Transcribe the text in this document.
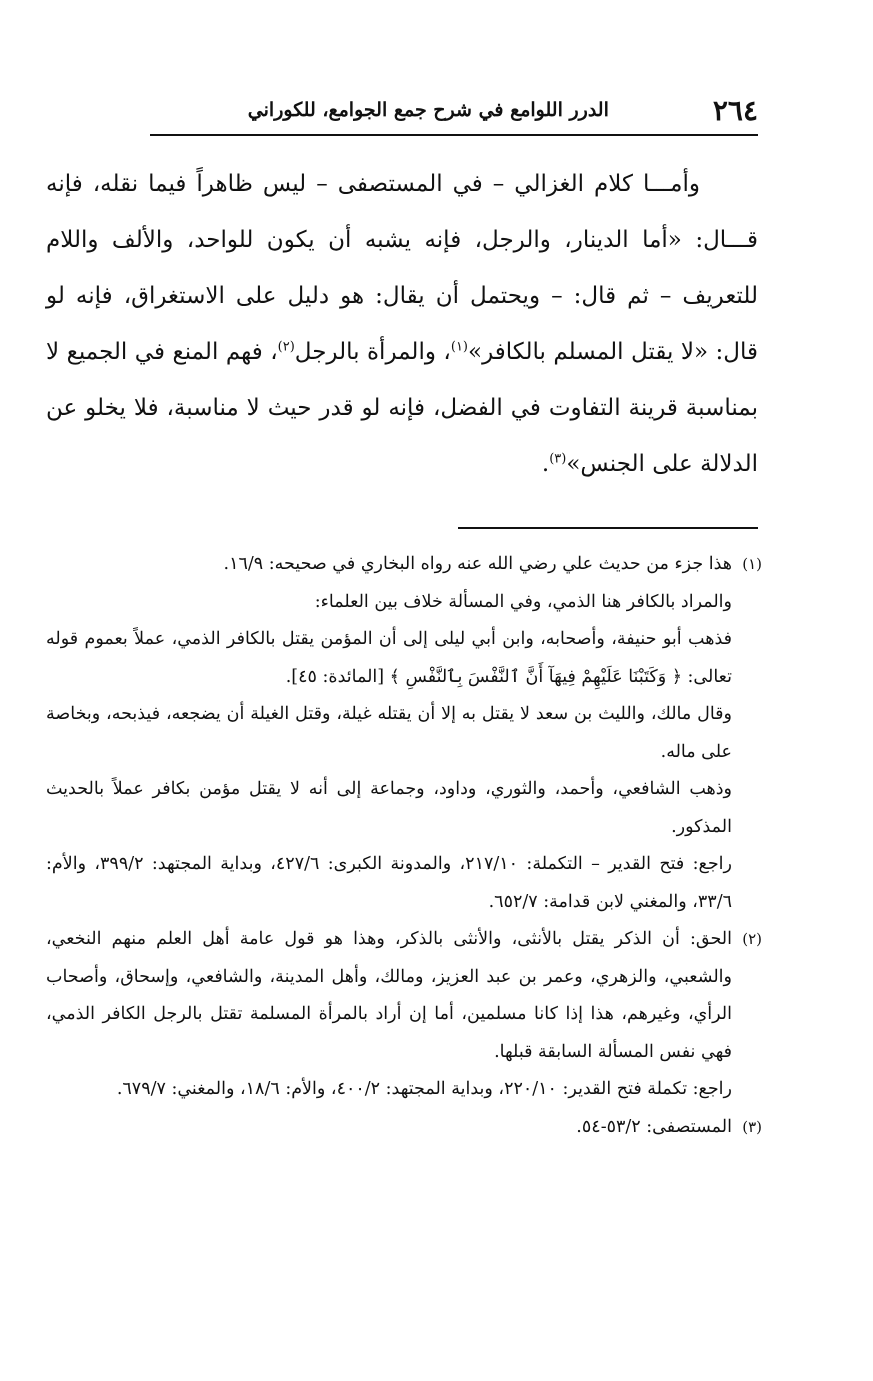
٢٦٤
الدرر اللوامع في شرح جمع الجوامع، للكوراني

وأمـــا كلام الغزالي – في المستصفى – ليس ظاهراً فيما نقله، فإنه قـــال: «أما الدينار، والرجل، فإنه يشبه أن يكون للواحد، والألف واللام للتعريف – ثم قال: – ويحتمل أن يقال: هو دليل على الاستغراق، فإنه لو قال: «لا يقتل المسلم بالكافر»$^{(١)}$، والمرأة بالرجل$^{(٢)}$، فهم المنع في الجميع لا بمناسبة قرينة التفاوت في الفضل، فإنه لو قدر حيث لا مناسبة، فلا يخلو عن الدلالة على الجنس»$^{(٣)}$.

(١)

هذا جزء من حديث علي رضي الله عنه رواه البخاري في صحيحه: ١٦/٩.

والمراد بالكافر هنا الذمي، وفي المسألة خلاف بين العلماء:

فذهب أبو حنيفة، وأصحابه، وابن أبي ليلى إلى أن المؤمن يقتل بالكافر الذمي، عملاً بعموم قوله تعالى: ﴿ وَكَتَبْنَا عَلَيْهِمْ فِيهَآ أَنَّ ٱلنَّفْسَ بِٱلنَّفْسِ ﴾ [المائدة: ٤٥].

وقال مالك، والليث بن سعد لا يقتل به إلا أن يقتله غيلة، وقتل الغيلة أن يضجعه، فيذبحه، وبخاصة على ماله.

وذهب الشافعي، وأحمد، والثوري، وداود، وجماعة إلى أنه لا يقتل مؤمن بكافر عملاً بالحديث المذكور.

راجع: فتح القدير – التكملة: ٢١٧/١٠، والمدونة الكبرى: ٤٢٧/٦، وبداية المجتهد: ٣٩٩/٢، والأم: ٣٣/٦، والمغني لابن قدامة: ٦٥٢/٧.

(٢)

الحق: أن الذكر يقتل بالأنثى، والأنثى بالذكر، وهذا هو قول عامة أهل العلم منهم النخعي، والشعبي، والزهري، وعمر بن عبد العزيز، ومالك، وأهل المدينة، والشافعي، وإسحاق، وأصحاب الرأي، وغيرهم، هذا إذا كانا مسلمين، أما إن أراد بالمرأة المسلمة تقتل بالرجل الكافر الذمي، فهي نفس المسألة السابقة قبلها.

راجع: تكملة فتح القدير: ٢٢٠/١٠، وبداية المجتهد: ٤٠٠/٢، والأم: ١٨/٦، والمغني: ٦٧٩/٧.

(٣)

المستصفى: ٥٣/٢-٥٤.
